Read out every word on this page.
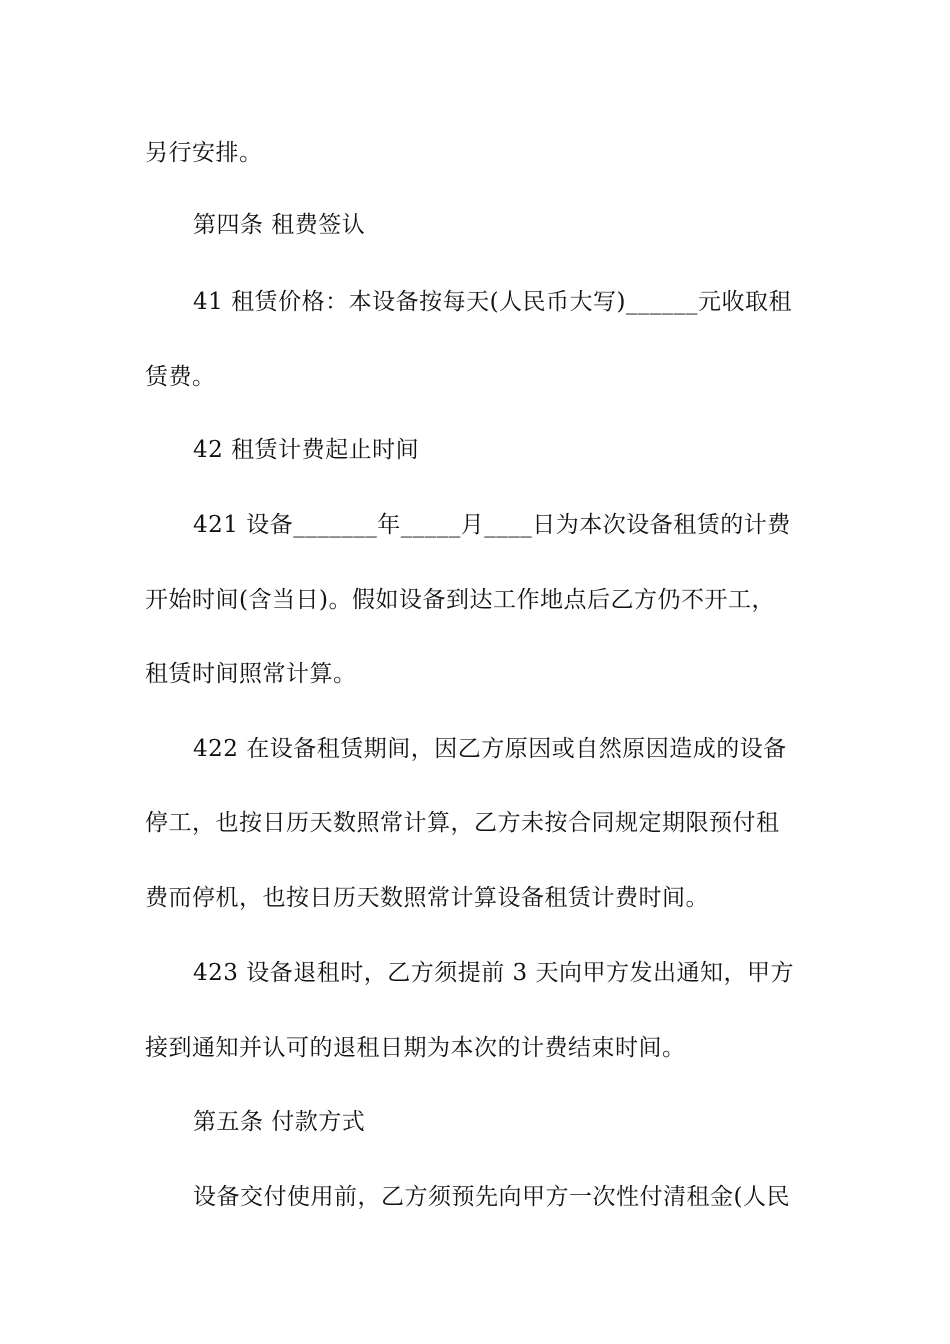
另行安排。
第四条 租费签认
41 租赁价格：本设备按每天(人民币大写)______元收取租
赁费。
42 租赁计费起止时间
421 设备_______年_____月____日为本次设备租赁的计费
开始时间(含当日)。假如设备到达工作地点后乙方仍不开工，
租赁时间照常计算。
422 在设备租赁期间，因乙方原因或自然原因造成的设备
停工，也按日历天数照常计算，乙方未按合同规定期限预付租
费而停机，也按日历天数照常计算设备租赁计费时间。
423 设备退租时，乙方须提前 3 天向甲方发出通知，甲方
接到通知并认可的退租日期为本次的计费结束时间。
第五条 付款方式
设备交付使用前，乙方须预先向甲方一次性付清租金(人民
